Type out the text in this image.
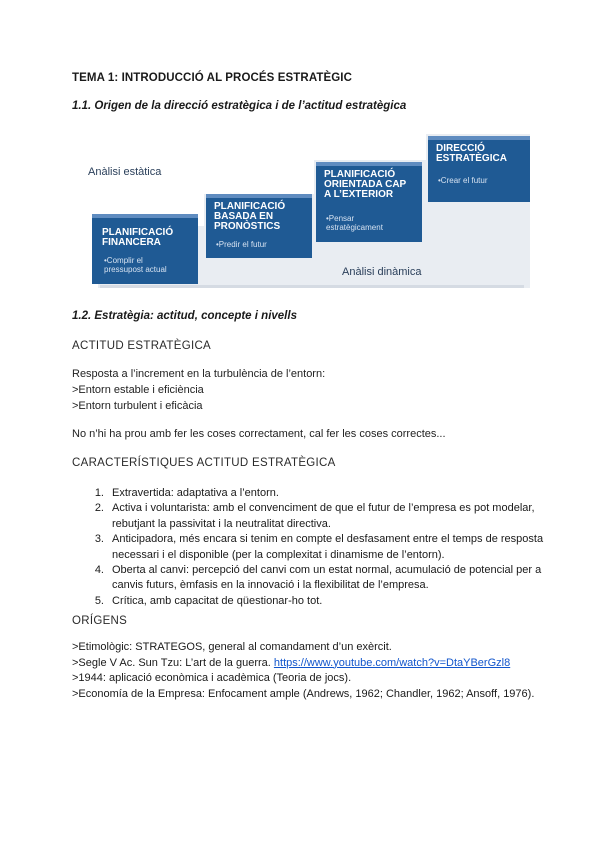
TEMA 1: INTRODUCCIÓ AL PROCÉS ESTRATÈGIC
1.1. Origen de la direcció estratègica i de l’actitud estratègica
Anàlisi estàtica
Anàlisi dinàmica
PLANIFICACIÓ
FINANCERA
•Complir el
pressupost actual
PLANIFICACIÓ
BASADA EN
PRONÒSTICS
•Predir el futur
PLANIFICACIÓ
ORIENTADA CAP
A L’EXTERIOR
•Pensar
estratègicament
DIRECCIÓ
ESTRATÈGICA
•Crear el futur
1.2. Estratègia: actitud, concepte i nivells
ACTITUD ESTRATÈGICA
Resposta a l’increment en la turbulència de l’entorn:
>Entorn estable i eficiència
>Entorn turbulent i eficàcia
No n’hi ha prou amb fer les coses correctament, cal fer les coses correctes...
CARACTERÍSTIQUES ACTITUD ESTRATÈGICA
1. Extravertida: adaptativa a l’entorn.
2. Activa i voluntarista: amb el convenciment de que el futur de l’empresa es pot modelar, rebutjant la passivitat i la neutralitat directiva.
3. Anticipadora, més encara si tenim en compte el desfasament entre el temps de resposta necessari i el disponible (per la complexitat i dinamisme de l’entorn).
4. Oberta al canvi: percepció del canvi com un estat normal, acumulació de potencial per a canvis futurs, èmfasis en la innovació i la flexibilitat de l’empresa.
5. Crítica, amb capacitat de qüestionar-ho tot.
ORÍGENS
>Etimològic: STRATEGOS, general al comandament d’un exèrcit.
>Segle V Ac. Sun Tzu: L’art de la guerra. https://www.youtube.com/watch?v=DtaYBerGzl8
>1944: aplicació econòmica i acadèmica (Teoria de jocs).
>Economía de la Empresa: Enfocament ample (Andrews, 1962; Chandler, 1962; Ansoff, 1976).
